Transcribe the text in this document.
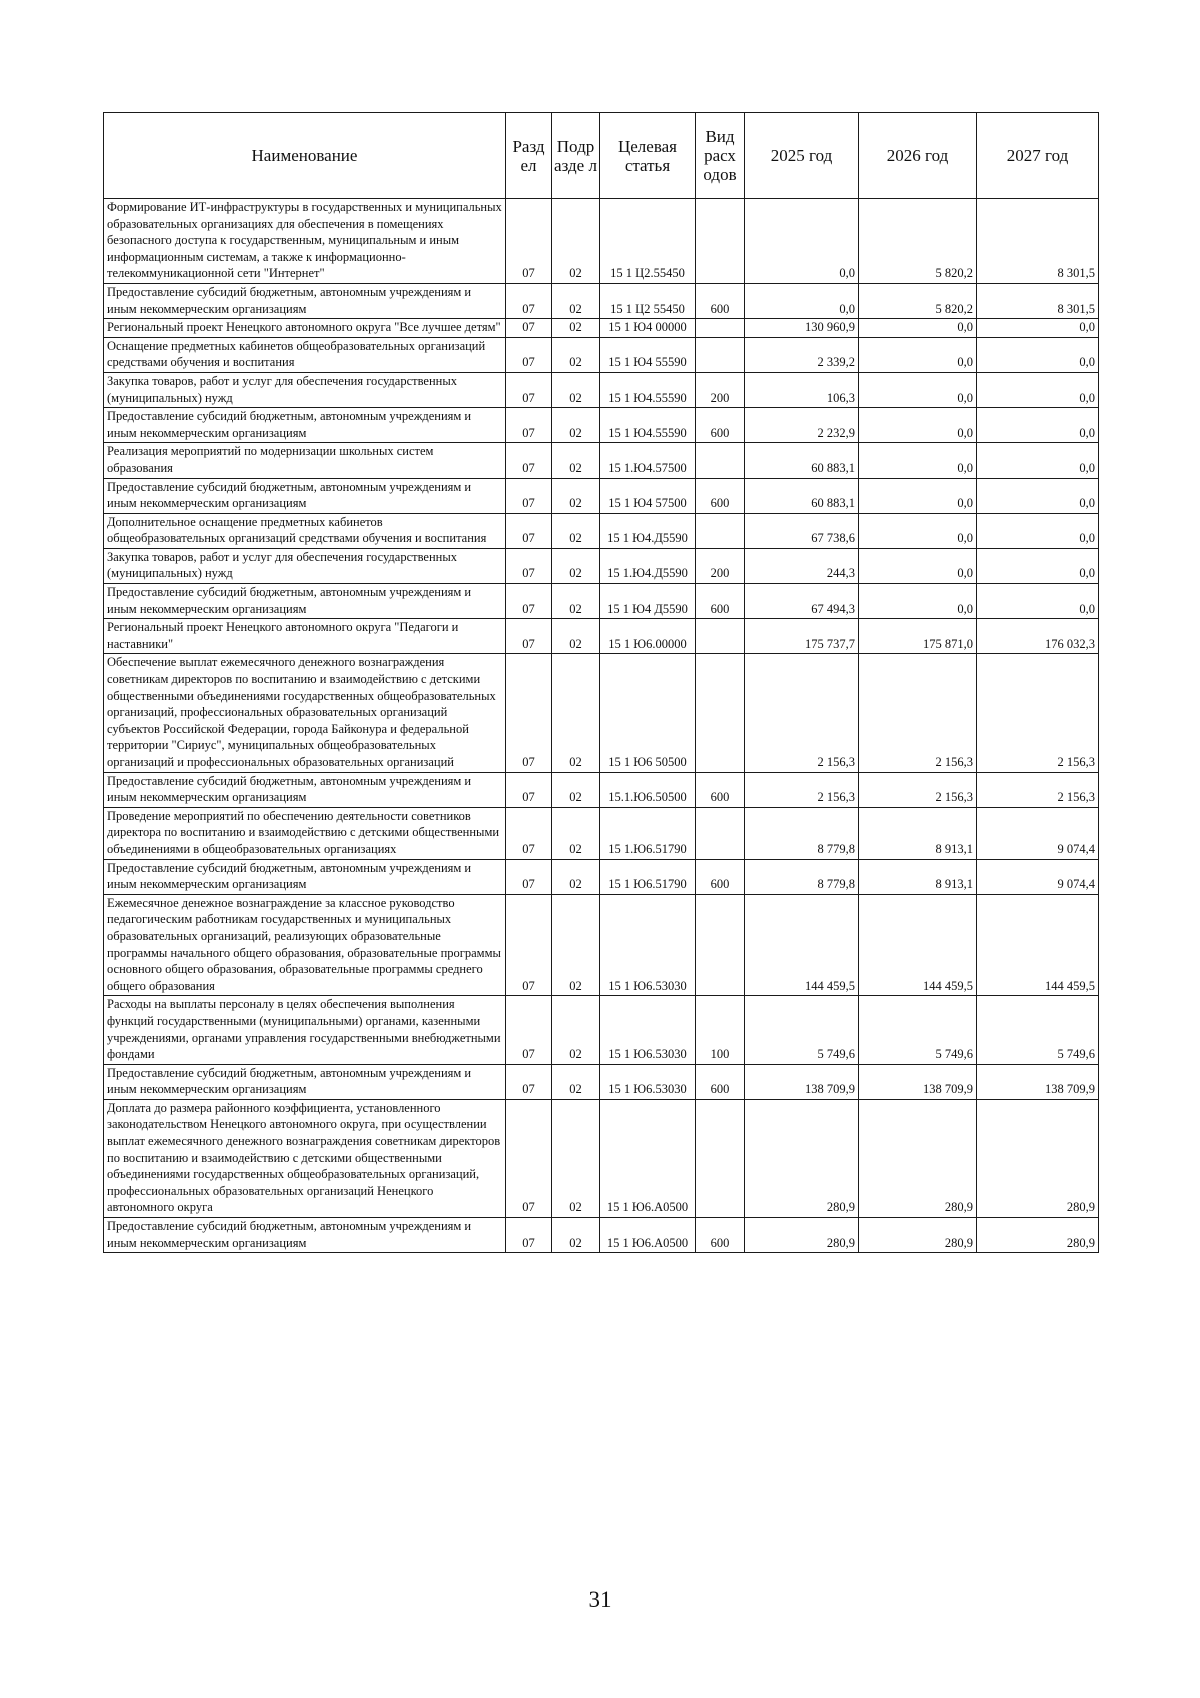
Наименование	Разд ел	Подр азде л	Целевая статья	Вид расх одов	2025 год	2026 год	2027 год
Формирование ИТ-инфраструктуры в государственных и муниципальных образовательных организациях для обеспечения в помещениях безопасного доступа к государственным, муниципальным и иным информационным системам, а также к информационно-телекоммуникационной сети "Интернет"	07	02	15 1 Ц2.55450		0,0	5 820,2	8 301,5
Предоставление субсидий бюджетным, автономным учреждениям и иным некоммерческим организациям	07	02	15 1 Ц2 55450	600	0,0	5 820,2	8 301,5
Региональный проект Ненецкого автономного округа "Все лучшее детям"	07	02	15 1 Ю4 00000		130 960,9	0,0	0,0
Оснащение предметных кабинетов общеобразовательных организаций средствами обучения и воспитания	07	02	15 1 Ю4 55590		2 339,2	0,0	0,0
Закупка товаров, работ и услуг для обеспечения государственных (муниципальных) нужд	07	02	15 1 Ю4.55590	200	106,3	0,0	0,0
Предоставление субсидий бюджетным, автономным учреждениям и иным некоммерческим организациям	07	02	15 1 Ю4.55590	600	2 232,9	0,0	0,0
Реализация мероприятий по модернизации школьных систем образования	07	02	15 1.Ю4.57500		60 883,1	0,0	0,0
Предоставление субсидий бюджетным, автономным учреждениям и иным некоммерческим организациям	07	02	15 1 Ю4 57500	600	60 883,1	0,0	0,0
Дополнительное оснащение предметных кабинетов общеобразовательных организаций средствами обучения и воспитания	07	02	15 1 Ю4.Д5590		67 738,6	0,0	0,0
Закупка товаров, работ и услуг для обеспечения государственных (муниципальных) нужд	07	02	15 1.Ю4.Д5590	200	244,3	0,0	0,0
Предоставление субсидий бюджетным, автономным учреждениям и иным некоммерческим организациям	07	02	15 1 Ю4 Д5590	600	67 494,3	0,0	0,0
Региональный проект Ненецкого автономного округа "Педагоги и наставники"	07	02	15 1 Ю6.00000		175 737,7	175 871,0	176 032,3
Обеспечение выплат ежемесячного денежного вознаграждения советникам директоров по воспитанию и взаимодействию с детскими общественными объединениями государственных общеобразовательных организаций, профессиональных образовательных организаций субъектов Российской Федерации, города Байконура и федеральной территории "Сириус", муниципальных общеобразовательных организаций и профессиональных образовательных организаций	07	02	15 1 Ю6 50500		2 156,3	2 156,3	2 156,3
Предоставление субсидий бюджетным, автономным учреждениям и иным некоммерческим организациям	07	02	15.1.Ю6.50500	600	2 156,3	2 156,3	2 156,3
Проведение мероприятий по обеспечению деятельности советников директора по воспитанию и взаимодействию с детскими общественными объединениями в общеобразовательных организациях	07	02	15 1.Ю6.51790		8 779,8	8 913,1	9 074,4
Предоставление субсидий бюджетным, автономным учреждениям и иным некоммерческим организациям	07	02	15 1 Ю6.51790	600	8 779,8	8 913,1	9 074,4
Ежемесячное денежное вознаграждение за классное руководство педагогическим работникам государственных и муниципальных образовательных организаций, реализующих образовательные программы начального общего образования, образовательные программы основного общего образования, образовательные программы среднего общего образования	07	02	15 1 Ю6.53030		144 459,5	144 459,5	144 459,5
Расходы на выплаты персоналу в целях обеспечения выполнения функций государственными (муниципальными) органами, казенными учреждениями, органами управления государственными внебюджетными фондами	07	02	15 1 Ю6.53030	100	5 749,6	5 749,6	5 749,6
Предоставление субсидий бюджетным, автономным учреждениям и иным некоммерческим организациям	07	02	15 1 Ю6.53030	600	138 709,9	138 709,9	138 709,9
Доплата до размера районного коэффициента, установленного законодательством Ненецкого автономного округа, при осуществлении выплат ежемесячного денежного вознаграждения советникам директоров по воспитанию и взаимодействию с детскими общественными объединениями государственных общеобразовательных организаций, профессиональных образовательных организаций Ненецкого автономного округа	07	02	15 1 Ю6.А0500		280,9	280,9	280,9
Предоставление субсидий бюджетным, автономным учреждениям и иным некоммерческим организациям	07	02	15 1 Ю6.А0500	600	280,9	280,9	280,9
31
